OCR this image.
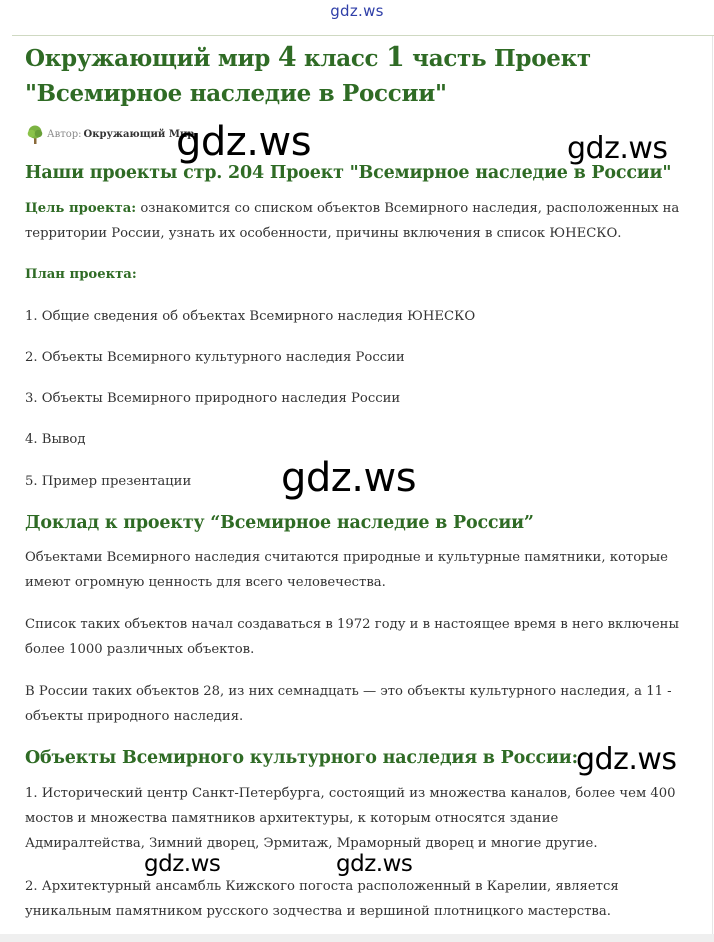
gdz.ws
Окружающий мир 4 класс 1 часть Проект
"Всемирное наследие в России"
Автор: Окружающий Мир
Наши проекты стр. 204 Проект "Всемирное наследие в России"

Цель проекта: ознакомится со списком объектов Всемирного наследия, расположенных на территории России, узнать их особенности, причины включения в список ЮНЕСКО.

План проекта:

1. Общие сведения об объектах Всемирного наследия ЮНЕСКО

2. Объекты Всемирного культурного наследия России

3. Объекты Всемирного природного наследия России

4. Вывод

5. Пример презентации

Доклад к проекту “Всемирное наследие в России”

Объектами Всемирного наследия считаются природные и культурные памятники, которые имеют огромную ценность для всего человечества.

Список таких объектов начал создаваться в 1972 году и в настоящее время в него включены более 1000 различных объектов.

В России таких объектов 28, из них семнадцать — это объекты культурного наследия, а 11 - объекты природного наследия.

Объекты Всемирного культурного наследия в России:

1. Исторический центр Санкт-Петербурга, состоящий из множества каналов, более чем 400 мостов и множества памятников архитектуры, к которым относятся здание Адмиралтейства, Зимний дворец, Эрмитаж, Мраморный дворец и многие другие.

2. Архитектурный ансамбль Кижского погоста расположенный в Карелии, является уникальным памятником русского зодчества и вершиной плотницкого мастерства.

gdz.ws	gdz.ws
gdz.ws
gdz.ws
gdz.ws	gdz.ws
